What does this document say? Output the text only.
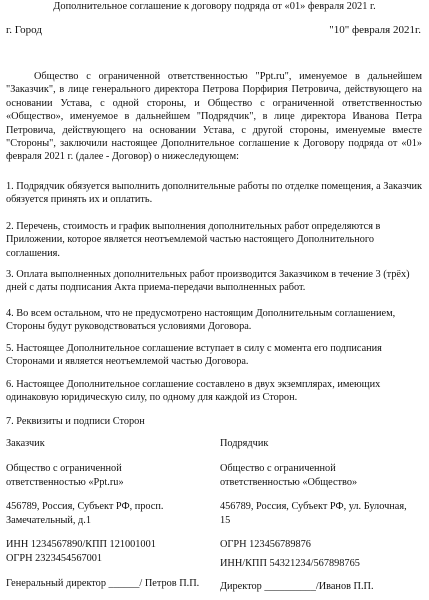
Дополнительное соглашение к договору подряда от «01» февраля 2021 г.
г. Город	"10" февраля 2021г.
Общество с ограниченной ответственностью "Ppt.ru", именуемое в дальнейшем "Заказчик", в лице генерального директора Петрова Порфирия Петровича, действующего на основании Устава, с одной стороны, и Общество с ограниченной ответственностью «Общество», именуемое в дальнейшем "Подрядчик", в лице директора Иванова Петра Петровича, действующего на основании Устава, с другой стороны, именуемые вместе "Стороны", заключили настоящее Дополнительное соглашение к Договору подряда от «01» февраля 2021 г. (далее - Договор) о нижеследующем:
1. Подрядчик обязуется выполнить дополнительные работы по отделке помещения, а Заказчик обязуется принять их и оплатить.
2. Перечень, стоимость и график выполнения дополнительных работ определяются в Приложении, которое является неотъемлемой частью настоящего Дополнительного соглашения.
3. Оплата выполненных дополнительных работ производится Заказчиком в течение 3 (трёх) дней с даты подписания Акта приема-передачи выполненных работ.
4. Во всем остальном, что не предусмотрено настоящим Дополнительным соглашением, Стороны будут руководствоваться условиями Договора.
5. Настоящее Дополнительное соглашение вступает в силу с момента его подписания Сторонами и является неотъемлемой частью Договора.
6. Настоящее Дополнительное соглашение составлено в двух экземплярах, имеющих одинаковую юридическую силу, по одному для каждой из Сторон.
7. Реквизиты и подписи Сторон

Заказчик

Общество с ограниченной

ответственностью «Ppt.ru»

456789, Россия, Субъект РФ, просп.

Замечательный, д.1

ИНН 1234567890/КПП 121001001

ОГРН 2323454567001

Генеральный директор ______/ Петров П.П.

Подрядчик

Общество с ограниченной

ответственностью «Общество»

456789, Россия, Субъект РФ, ул. Булочная,

15

ОГРН 123456789876

ИНН/КПП 54321234/567898765

Директор __________/Иванов П.П.
